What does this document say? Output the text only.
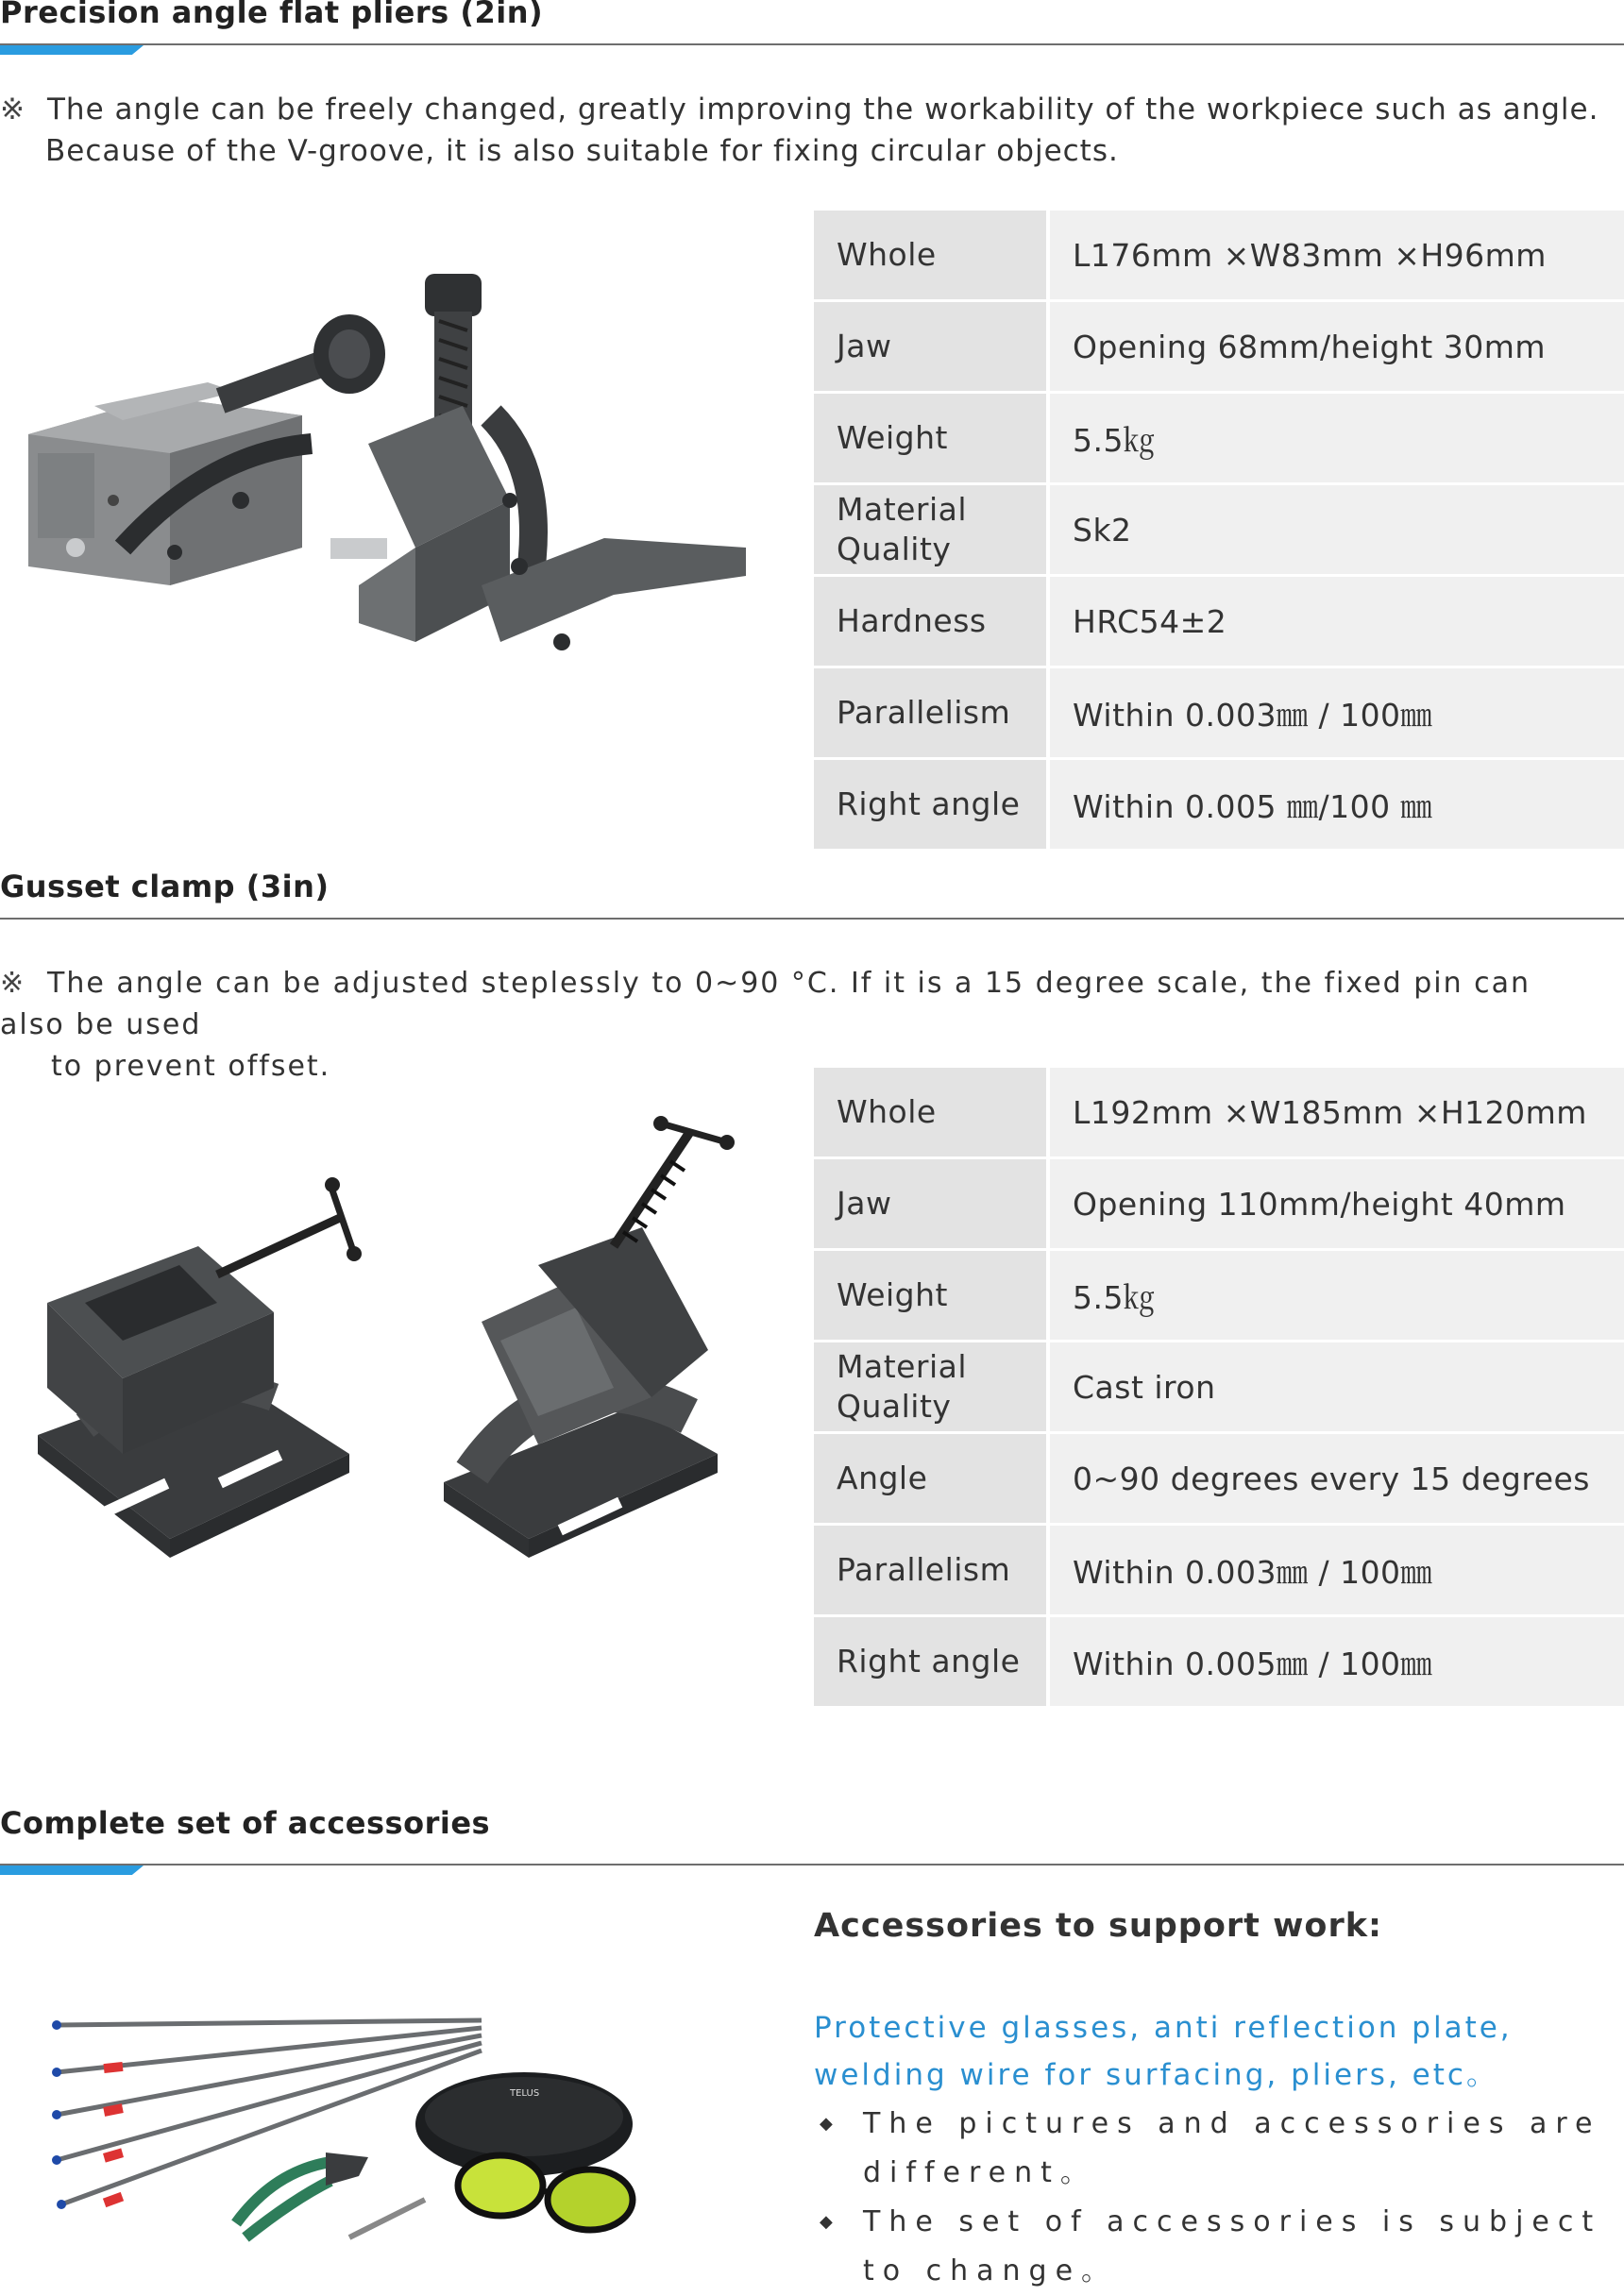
Precision angle flat pliers (2in)
※ The angle can be freely changed, greatly improving the workability of the workpiece such as angle.
Because of the V-groove, it is also suitable for fixing circular objects.
Whole	L176mm ×W83mm ×H96mm
Jaw	Opening 68mm/height 30mm
Weight	5.5㎏
Material Quality	Sk2
Hardness	HRC54±2
Parallelism	Within 0.003㎜ / 100㎜
Right angle	Within 0.005 ㎜/100 ㎜
Gusset clamp (3in)
※ The angle can be adjusted steplessly to 0~90 °C. If it is a 15 degree scale, the fixed pin can also be used
to prevent offset.
Whole	L192mm ×W185mm ×H120mm
Jaw	Opening 110mm/height 40mm
Weight	5.5㎏
Material Quality	Cast iron
Angle	0~90 degrees every 15 degrees
Parallelism	Within 0.003㎜ / 100㎜
Right angle	Within 0.005㎜ / 100㎜
Complete set of accessories
TELUS
Accessories to support work:
Protective glasses, anti reflection plate, welding wire for surfacing, pliers, etc。
◆ The pictures and accessories are different。
◆ The set of accessories is subject to change。
